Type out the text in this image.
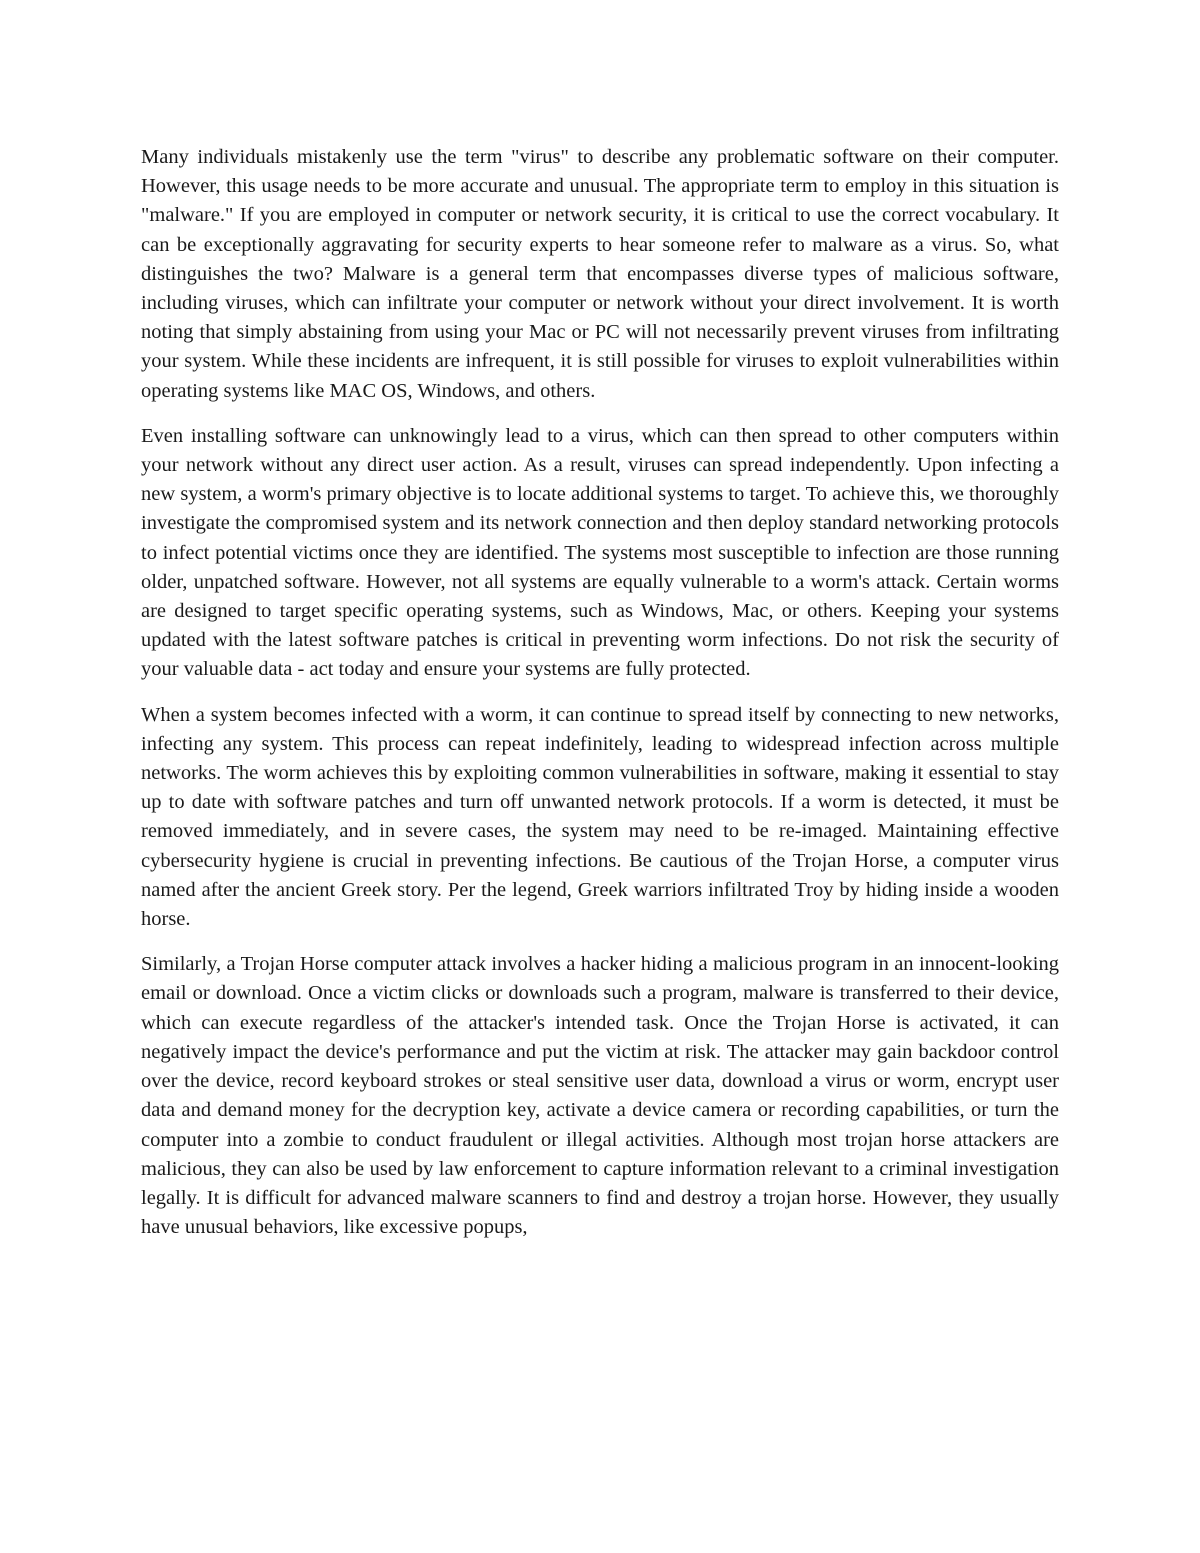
Many individuals mistakenly use the term "virus" to describe any problematic software on their computer. However, this usage needs to be more accurate and unusual. The appropriate term to employ in this situation is "malware." If you are employed in computer or network security, it is critical to use the correct vocabulary. It can be exceptionally aggravating for security experts to hear someone refer to malware as a virus. So, what distinguishes the two? Malware is a general term that encompasses diverse types of malicious software, including viruses, which can infiltrate your computer or network without your direct involvement. It is worth noting that simply abstaining from using your Mac or PC will not necessarily prevent viruses from infiltrating your system. While these incidents are infrequent, it is still possible for viruses to exploit vulnerabilities within operating systems like MAC OS, Windows, and others.

Even installing software can unknowingly lead to a virus, which can then spread to other computers within your network without any direct user action. As a result, viruses can spread independently. Upon infecting a new system, a worm's primary objective is to locate additional systems to target. To achieve this, we thoroughly investigate the compromised system and its network connection and then deploy standard networking protocols to infect potential victims once they are identified. The systems most susceptible to infection are those running older, unpatched software. However, not all systems are equally vulnerable to a worm's attack. Certain worms are designed to target specific operating systems, such as Windows, Mac, or others. Keeping your systems updated with the latest software patches is critical in preventing worm infections. Do not risk the security of your valuable data - act today and ensure your systems are fully protected.

When a system becomes infected with a worm, it can continue to spread itself by connecting to new networks, infecting any system. This process can repeat indefinitely, leading to widespread infection across multiple networks. The worm achieves this by exploiting common vulnerabilities in software, making it essential to stay up to date with software patches and turn off unwanted network protocols. If a worm is detected, it must be removed immediately, and in severe cases, the system may need to be re-imaged. Maintaining effective cybersecurity hygiene is crucial in preventing infections. Be cautious of the Trojan Horse, a computer virus named after the ancient Greek story. Per the legend, Greek warriors infiltrated Troy by hiding inside a wooden horse.

Similarly, a Trojan Horse computer attack involves a hacker hiding a malicious program in an innocent-looking email or download. Once a victim clicks or downloads such a program, malware is transferred to their device, which can execute regardless of the attacker's intended task. Once the Trojan Horse is activated, it can negatively impact the device's performance and put the victim at risk. The attacker may gain backdoor control over the device, record keyboard strokes or steal sensitive user data, download a virus or worm, encrypt user data and demand money for the decryption key, activate a device camera or recording capabilities, or turn the computer into a zombie to conduct fraudulent or illegal activities. Although most trojan horse attackers are malicious, they can also be used by law enforcement to capture information relevant to a criminal investigation legally. It is difficult for advanced malware scanners to find and destroy a trojan horse. However, they usually have unusual behaviors, like excessive popups,
